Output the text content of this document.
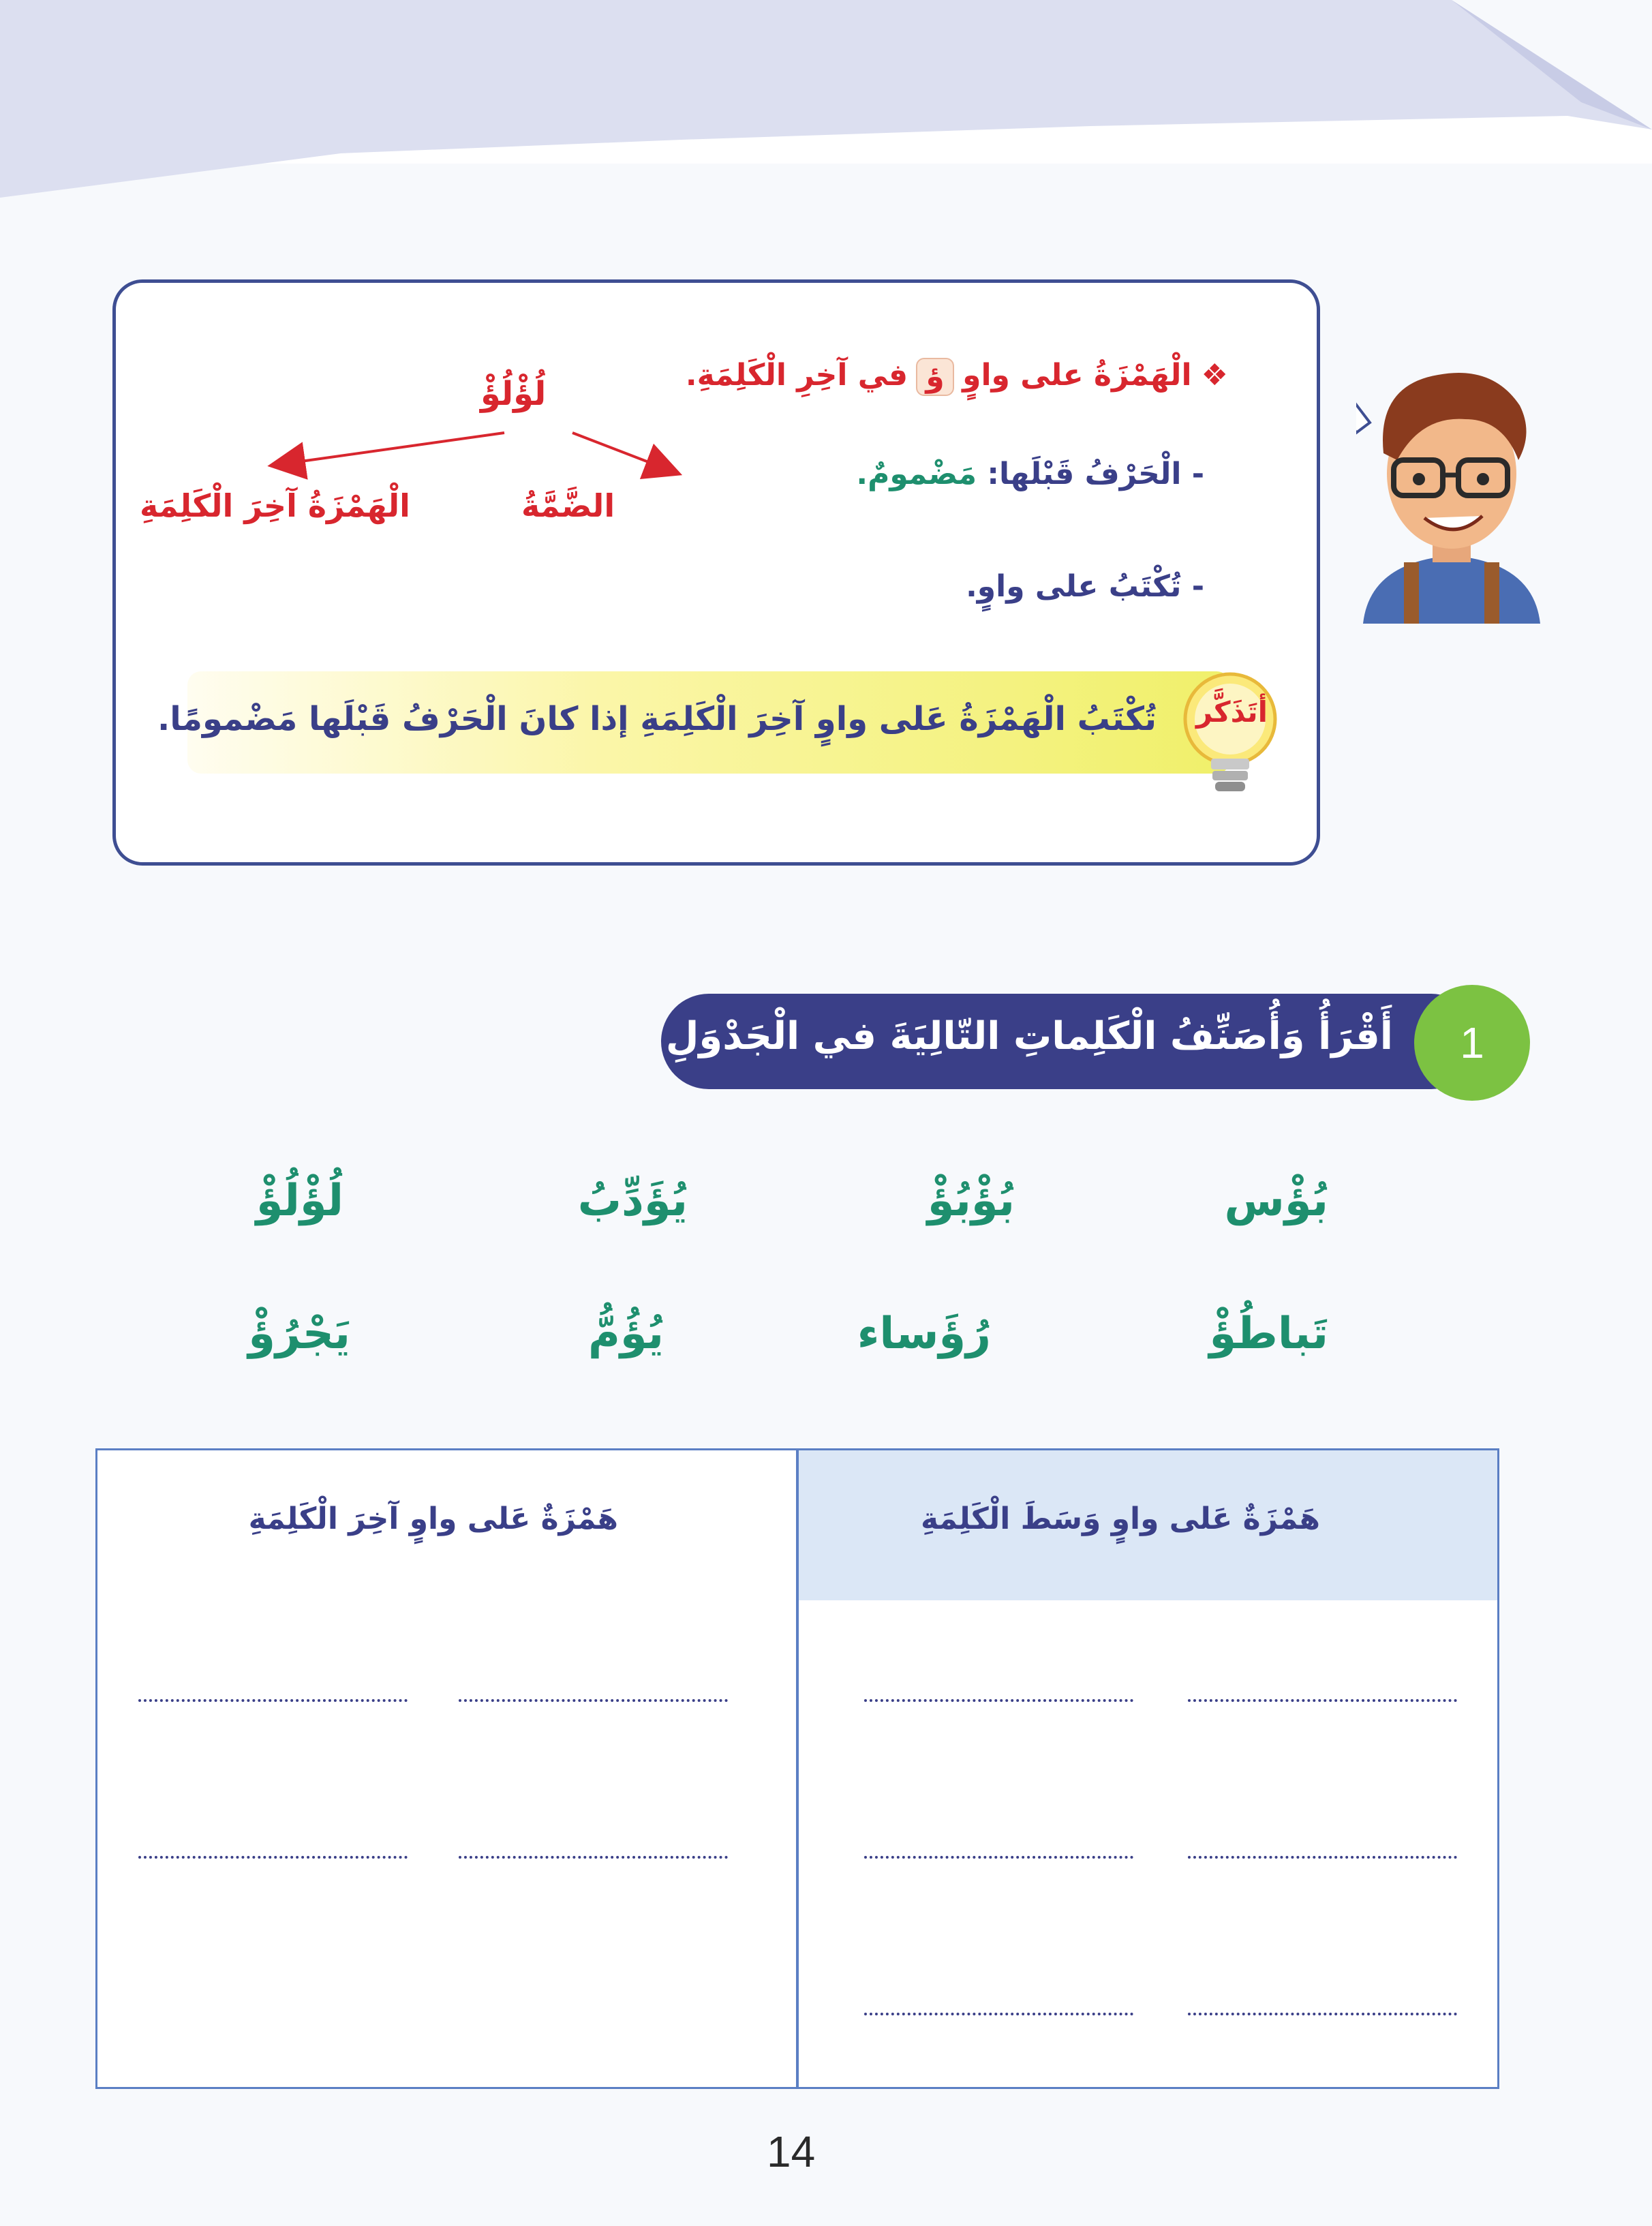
❖الْهَمْزَةُ على واوٍؤفي آخِرِ الْكَلِمَةِ.
- الْحَرْفُ قَبْلَها: مَضْمومٌ.
- تُكْتَبُ على واوٍ.
لُؤْلُؤْ
الْهَمْزَةُ آخِرَ الْكَلِمَةِ	الضَّمَّةُ
تُكْتَبُ الْهَمْزَةُ عَلى واوٍ آخِرَ الْكَلِمَةِ إذا كانَ الْحَرْفُ قَبْلَها مَضْمومًا. أتَذَكَّر
أَقْرَأُ وَأُصَنِّفُ الْكَلِماتِ التّالِيَةَ في الْجَدْوَلِ	1
بُؤْس
بُؤْبُؤْ
يُؤَدِّبُ
لُؤْلُؤْ
تَباطُؤْ
رُؤَساء
يُؤُمُّ
يَجْرُؤْ
هَمْزَةٌ عَلى واوٍ وَسَطَ الْكَلِمَةِ
هَمْزَةٌ عَلى واوٍ آخِرَ الْكَلِمَةِ
14
